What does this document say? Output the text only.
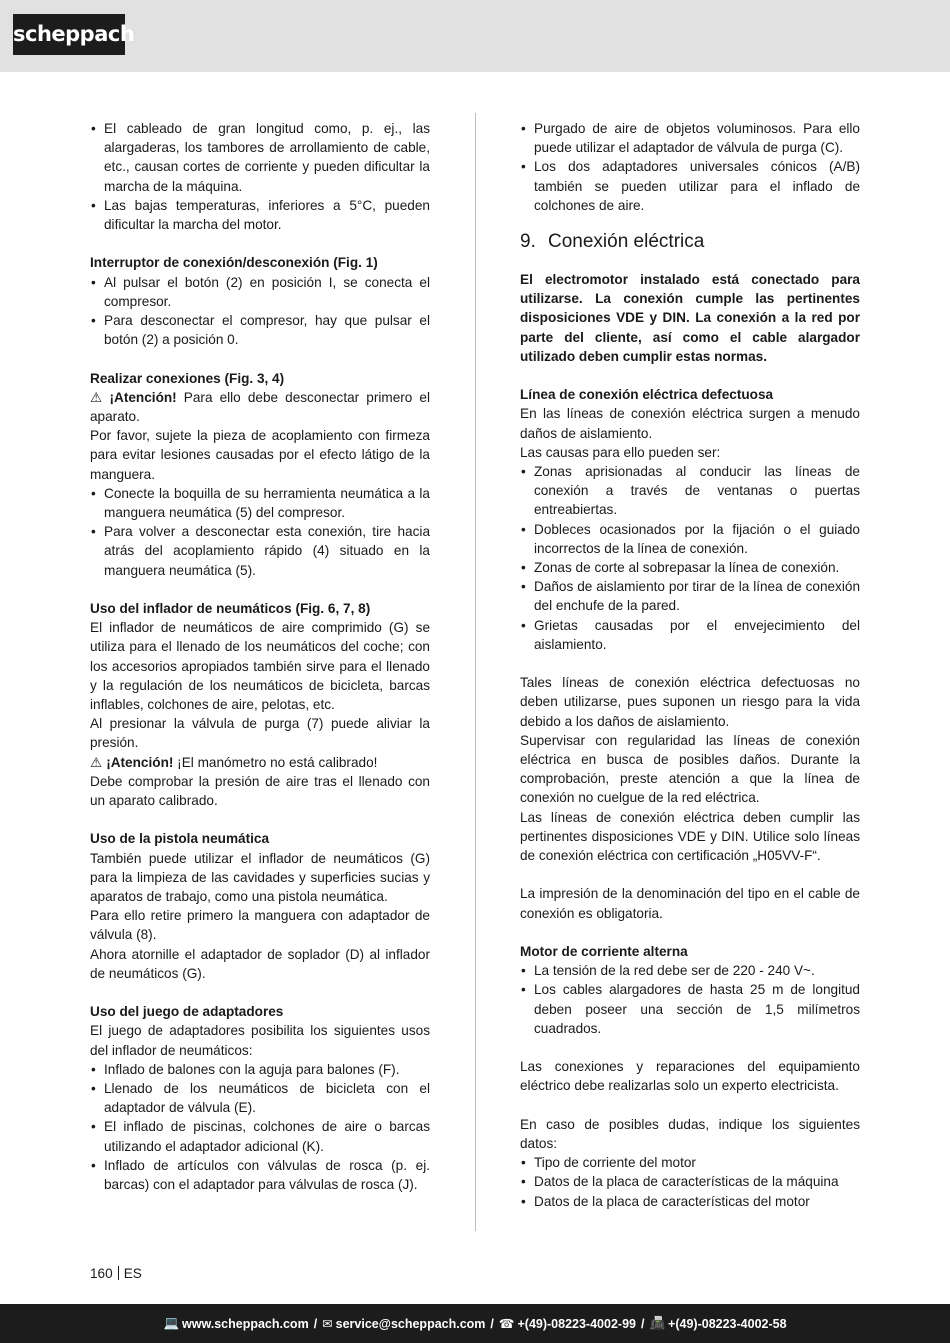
scheppach
• El cableado de gran longitud como, p. ej., las alargaderas, los tambores de arrollamiento de cable, etc., causan cortes de corriente y pueden dificultar la marcha de la máquina.
• Las bajas temperaturas, inferiores a 5°C, pueden dificultar la marcha del motor.
Interruptor de conexión/desconexión (Fig. 1)
• Al pulsar el botón (2) en posición I, se conecta el compresor.
• Para desconectar el compresor, hay que pulsar el botón (2) a posición 0.
Realizar conexiones (Fig. 3, 4)

⚠ ¡Atención! Para ello debe desconectar primero el aparato.

Por favor, sujete la pieza de acoplamiento con firmeza para evitar lesiones causadas por el efecto látigo de la manguera.

• Conecte la boquilla de su herramienta neumática a la manguera neumática (5) del compresor.
• Para volver a desconectar esta conexión, tire hacia atrás del acoplamiento rápido (4) situado en la manguera neumática (5).
Uso del inflador de neumáticos (Fig. 6, 7, 8)

El inflador de neumáticos de aire comprimido (G) se utiliza para el llenado de los neumáticos del coche; con los accesorios apropiados también sirve para el llenado y la regulación de los neumáticos de bicicleta, barcas inflables, colchones de aire, pelotas, etc.

Al presionar la válvula de purga (7) puede aliviar la presión.

⚠ ¡Atención! ¡El manómetro no está calibrado!

Debe comprobar la presión de aire tras el llenado con un aparato calibrado.

Uso de la pistola neumática

También puede utilizar el inflador de neumáticos (G) para la limpieza de las cavidades y superficies sucias y aparatos de trabajo, como una pistola neumática.

Para ello retire primero la manguera con adaptador de válvula (8).

Ahora atornille el adaptador de soplador (D) al inflador de neumáticos (G).

Uso del juego de adaptadores

El juego de adaptadores posibilita los siguientes usos del inflador de neumáticos:

• Inflado de balones con la aguja para balones (F).
• Llenado de los neumáticos de bicicleta con el adaptador de válvula (E).
• El inflado de piscinas, colchones de aire o barcas utilizando el adaptador adicional (K).
• Inflado de artículos con válvulas de rosca (p. ej. barcas) con el adaptador para válvulas de rosca (J).
• Purgado de aire de objetos voluminosos. Para ello puede utilizar el adaptador de válvula de purga (C).
• Los dos adaptadores universales cónicos (A/B) también se pueden utilizar para el inflado de colchones de aire.
9. Conexión eléctrica

El electromotor instalado está conectado para utilizarse. La conexión cumple las pertinentes disposiciones VDE y DIN. La conexión a la red por parte del cliente, así como el cable alargador utilizado deben cumplir estas normas.

Línea de conexión eléctrica defectuosa

En las líneas de conexión eléctrica surgen a menudo daños de aislamiento.

Las causas para ello pueden ser:

• Zonas aprisionadas al conducir las líneas de conexión a través de ventanas o puertas entreabiertas.
• Dobleces ocasionados por la fijación o el guiado incorrectos de la línea de conexión.
• Zonas de corte al sobrepasar la línea de conexión.
• Daños de aislamiento por tirar de la línea de conexión del enchufe de la pared.
• Grietas causadas por el envejecimiento del aislamiento.

Tales líneas de conexión eléctrica defectuosas no deben utilizarse, pues suponen un riesgo para la vida debido a los daños de aislamiento.

Supervisar con regularidad las líneas de conexión eléctrica en busca de posibles daños. Durante la comprobación, preste atención a que la línea de conexión no cuelgue de la red eléctrica.

Las líneas de conexión eléctrica deben cumplir las pertinentes disposiciones VDE y DIN. Utilice solo líneas de conexión eléctrica con certificación „H05VV-F“.

La impresión de la denominación del tipo en el cable de conexión es obligatoria.

Motor de corriente alterna
• La tensión de la red debe ser de 220 - 240 V~.
• Los cables alargadores de hasta 25 m de longitud deben poseer una sección de 1,5 milímetros cuadrados.

Las conexiones y reparaciones del equipamiento eléctrico debe realizarlas solo un experto electricista.

En caso de posibles dudas, indique los siguientes datos:

• Tipo de corriente del motor
• Datos de la placa de características de la máquina
• Datos de la placa de características del motor
160 ES
💻 www.scheppach.com / ✉ service@scheppach.com / ☎ +(49)-08223-4002-99 / 📠 +(49)-08223-4002-58
